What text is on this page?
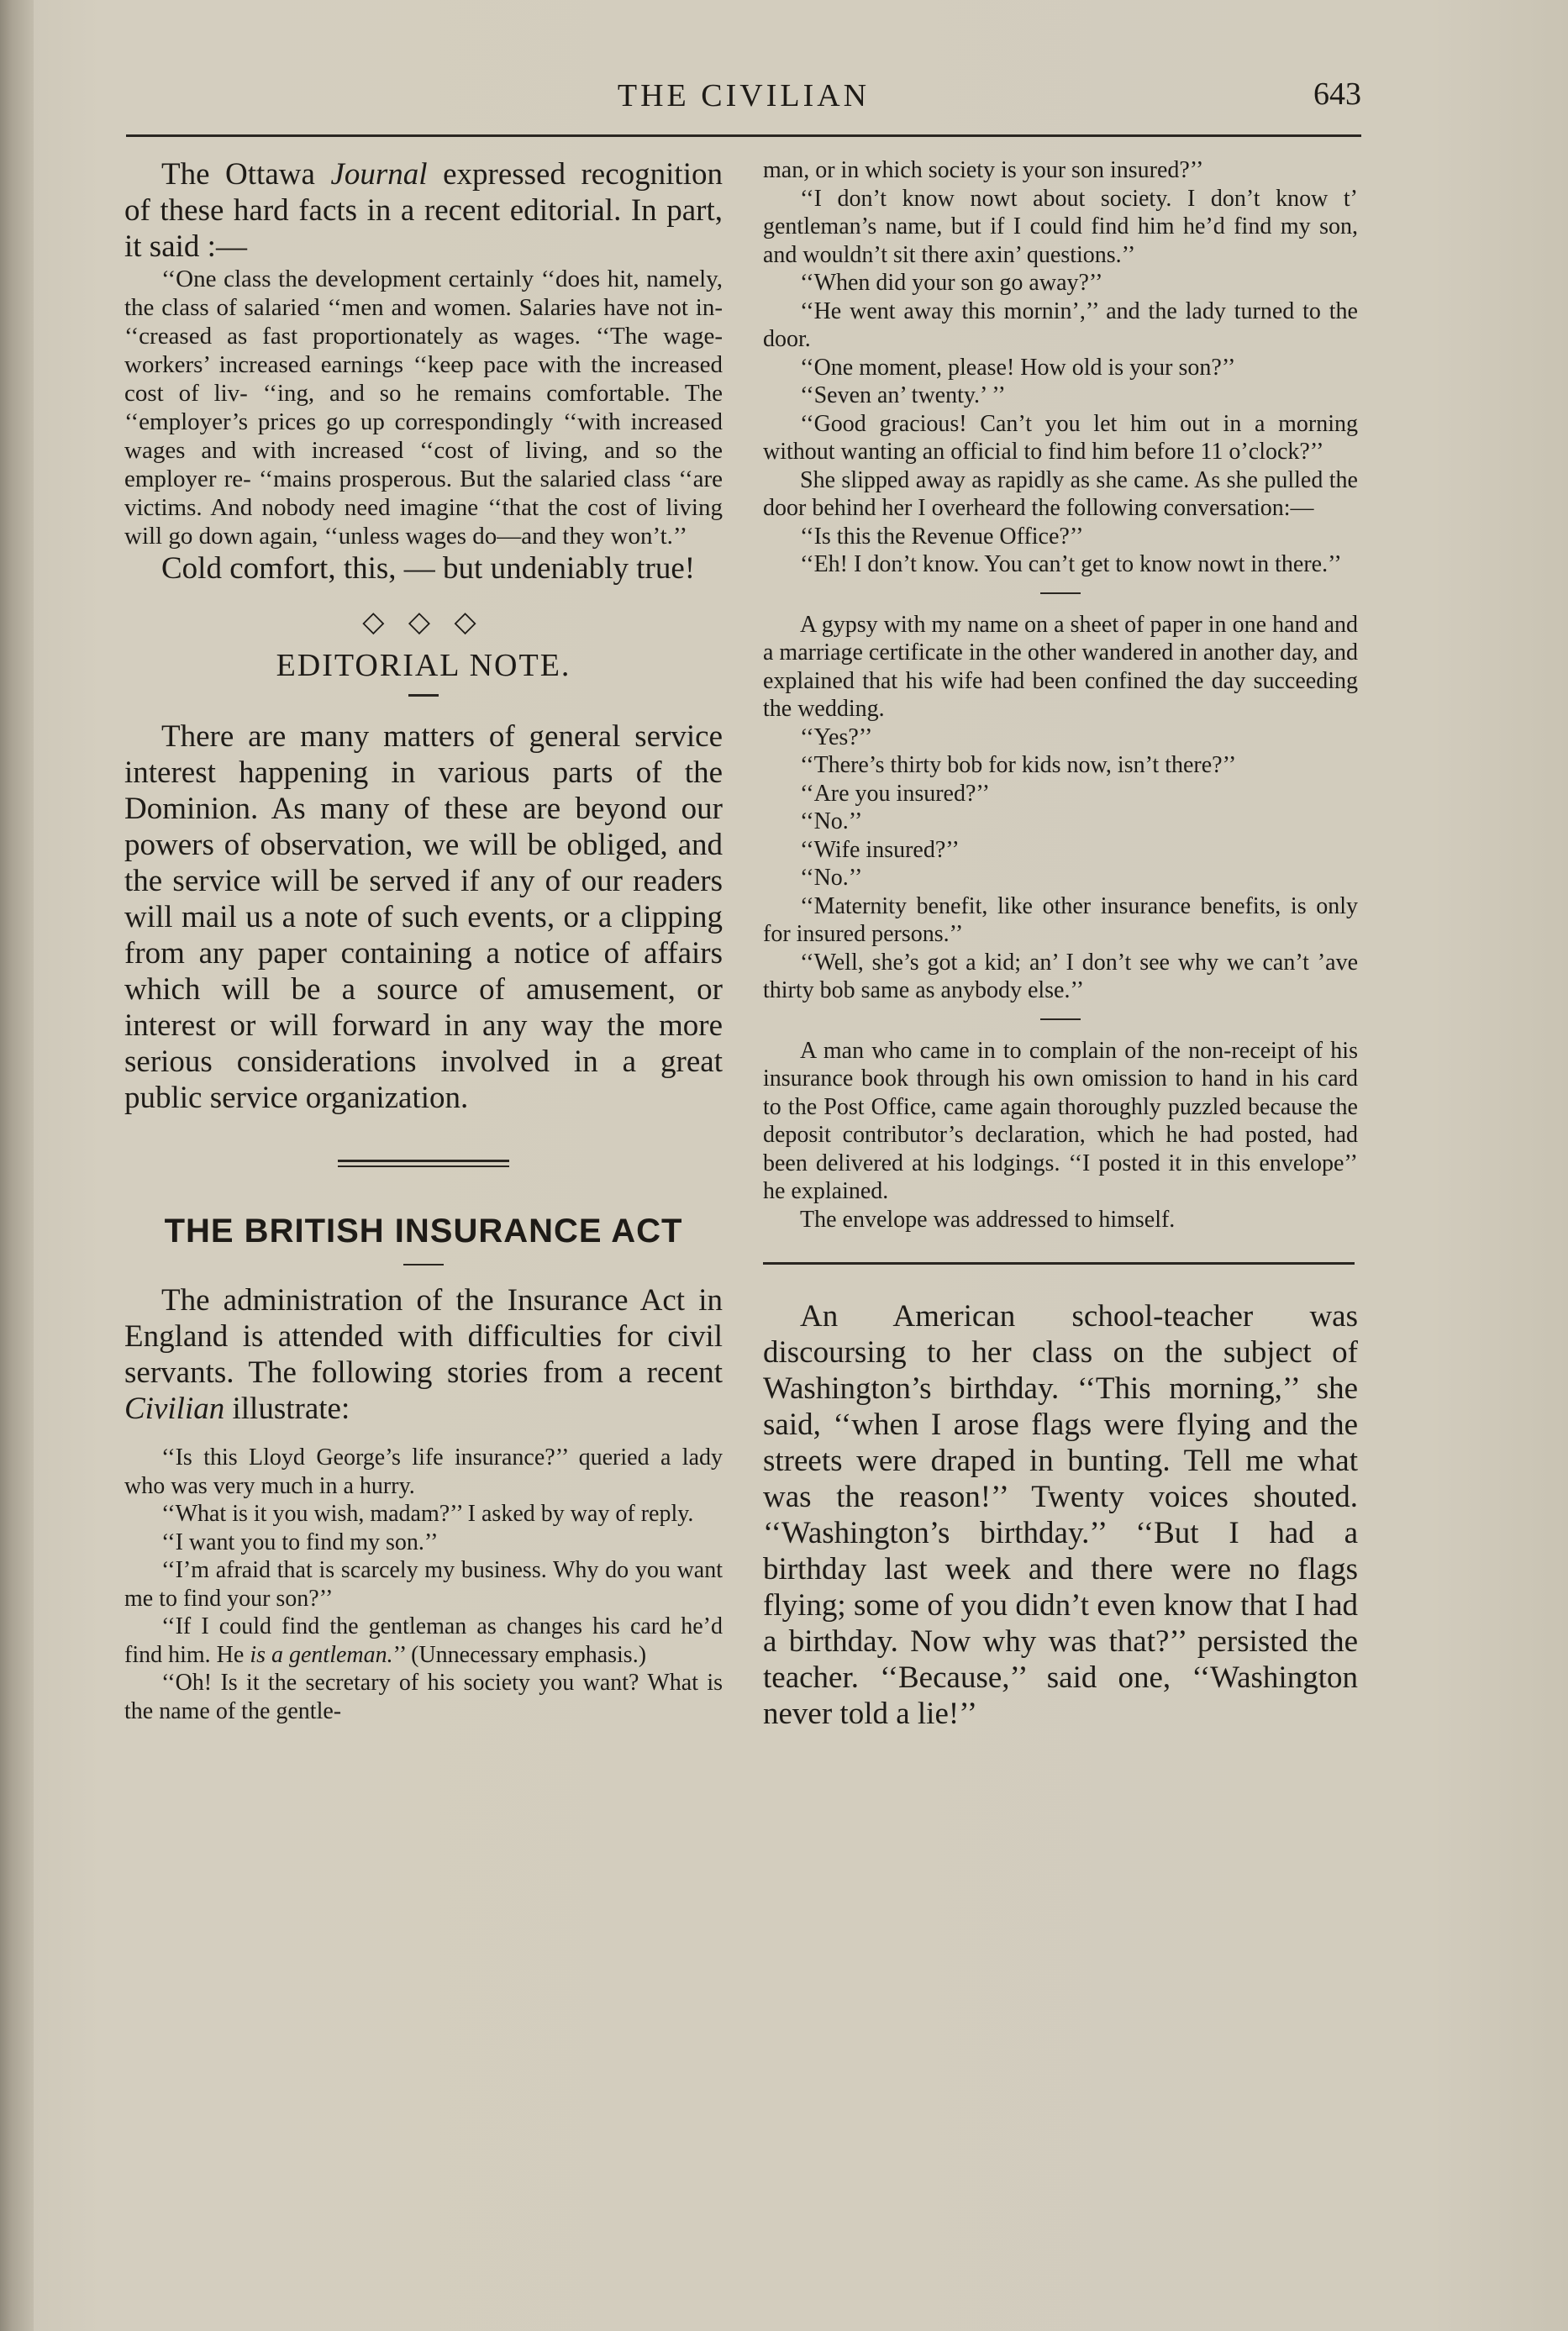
THE CIVILIAN	643

The Ottawa Journal expressed recognition of these hard facts in a recent editorial. In part, it said :—

‘‘One class the development certainly ‘‘does hit, namely, the class of salaried ‘‘men and women. Salaries have not in- ‘‘creased as fast proportionately as wages. ‘‘The wage-workers’ increased earnings ‘‘keep pace with the increased cost of liv- ‘‘ing, and so he remains comfortable. The ‘‘employer’s prices go up correspondingly ‘‘with increased wages and with increased ‘‘cost of living, and so the employer re- ‘‘mains prosperous. But the salaried class ‘‘are victims. And nobody need imagine ‘‘that the cost of living will go down again, ‘‘unless wages do—and they won’t.’’

Cold comfort, this, — but undeniably true!

◇ ◇ ◇
EDITORIAL NOTE.

There are many matters of general service interest happening in various parts of the Dominion. As many of these are beyond our powers of observation, we will be obliged, and the service will be served if any of our readers will mail us a note of such events, or a clipping from any paper containing a notice of affairs which will be a source of amusement, or interest or will forward in any way the more serious considerations involved in a great public service organization.

THE BRITISH INSURANCE ACT

The administration of the Insurance Act in England is attended with difficulties for civil servants. The following stories from a recent Civilian illustrate:

‘‘Is this Lloyd George’s life insurance?’’ queried a lady who was very much in a hurry.

‘‘What is it you wish, madam?’’ I asked by way of reply.

‘‘I want you to find my son.’’

‘‘I’m afraid that is scarcely my business. Why do you want me to find your son?’’

‘‘If I could find the gentleman as changes his card he’d find him. He is a gentleman.’’ (Unnecessary emphasis.)

‘‘Oh! Is it the secretary of his society you want? What is the name of the gentle-

man, or in which society is your son insured?’’

‘‘I don’t know nowt about society. I don’t know t’ gentleman’s name, but if I could find him he’d find my son, and wouldn’t sit there axin’ questions.’’

‘‘When did your son go away?’’

‘‘He went away this mornin’,’’ and the lady turned to the door.

‘‘One moment, please! How old is your son?’’

‘‘Seven an’ twenty.’ ’’

‘‘Good gracious! Can’t you let him out in a morning without wanting an official to find him before 11 o’clock?’’

She slipped away as rapidly as she came. As she pulled the door behind her I overheard the following conversation:—

‘‘Is this the Revenue Office?’’

‘‘Eh! I don’t know. You can’t get to know nowt in there.’’

A gypsy with my name on a sheet of paper in one hand and a marriage certificate in the other wandered in another day, and explained that his wife had been confined the day succeeding the wedding.

‘‘Yes?’’

‘‘There’s thirty bob for kids now, isn’t there?’’

‘‘Are you insured?’’

‘‘No.’’

‘‘Wife insured?’’

‘‘No.’’

‘‘Maternity benefit, like other insurance benefits, is only for insured persons.’’

‘‘Well, she’s got a kid; an’ I don’t see why we can’t ’ave thirty bob same as anybody else.’’

A man who came in to complain of the non-receipt of his insurance book through his own omission to hand in his card to the Post Office, came again thoroughly puzzled because the deposit contributor’s declaration, which he had posted, had been delivered at his lodgings. ‘‘I posted it in this envelope’’ he explained.

The envelope was addressed to himself.

An American school-teacher was discoursing to her class on the subject of Washington’s birthday. ‘‘This morning,’’ she said, ‘‘when I arose flags were flying and the streets were draped in bunting. Tell me what was the reason!’’ Twenty voices shouted. ‘‘Washington’s birthday.’’ ‘‘But I had a birthday last week and there were no flags flying; some of you didn’t even know that I had a birthday. Now why was that?’’ persisted the teacher. ‘‘Because,’’ said one, ‘‘Washington never told a lie!’’
